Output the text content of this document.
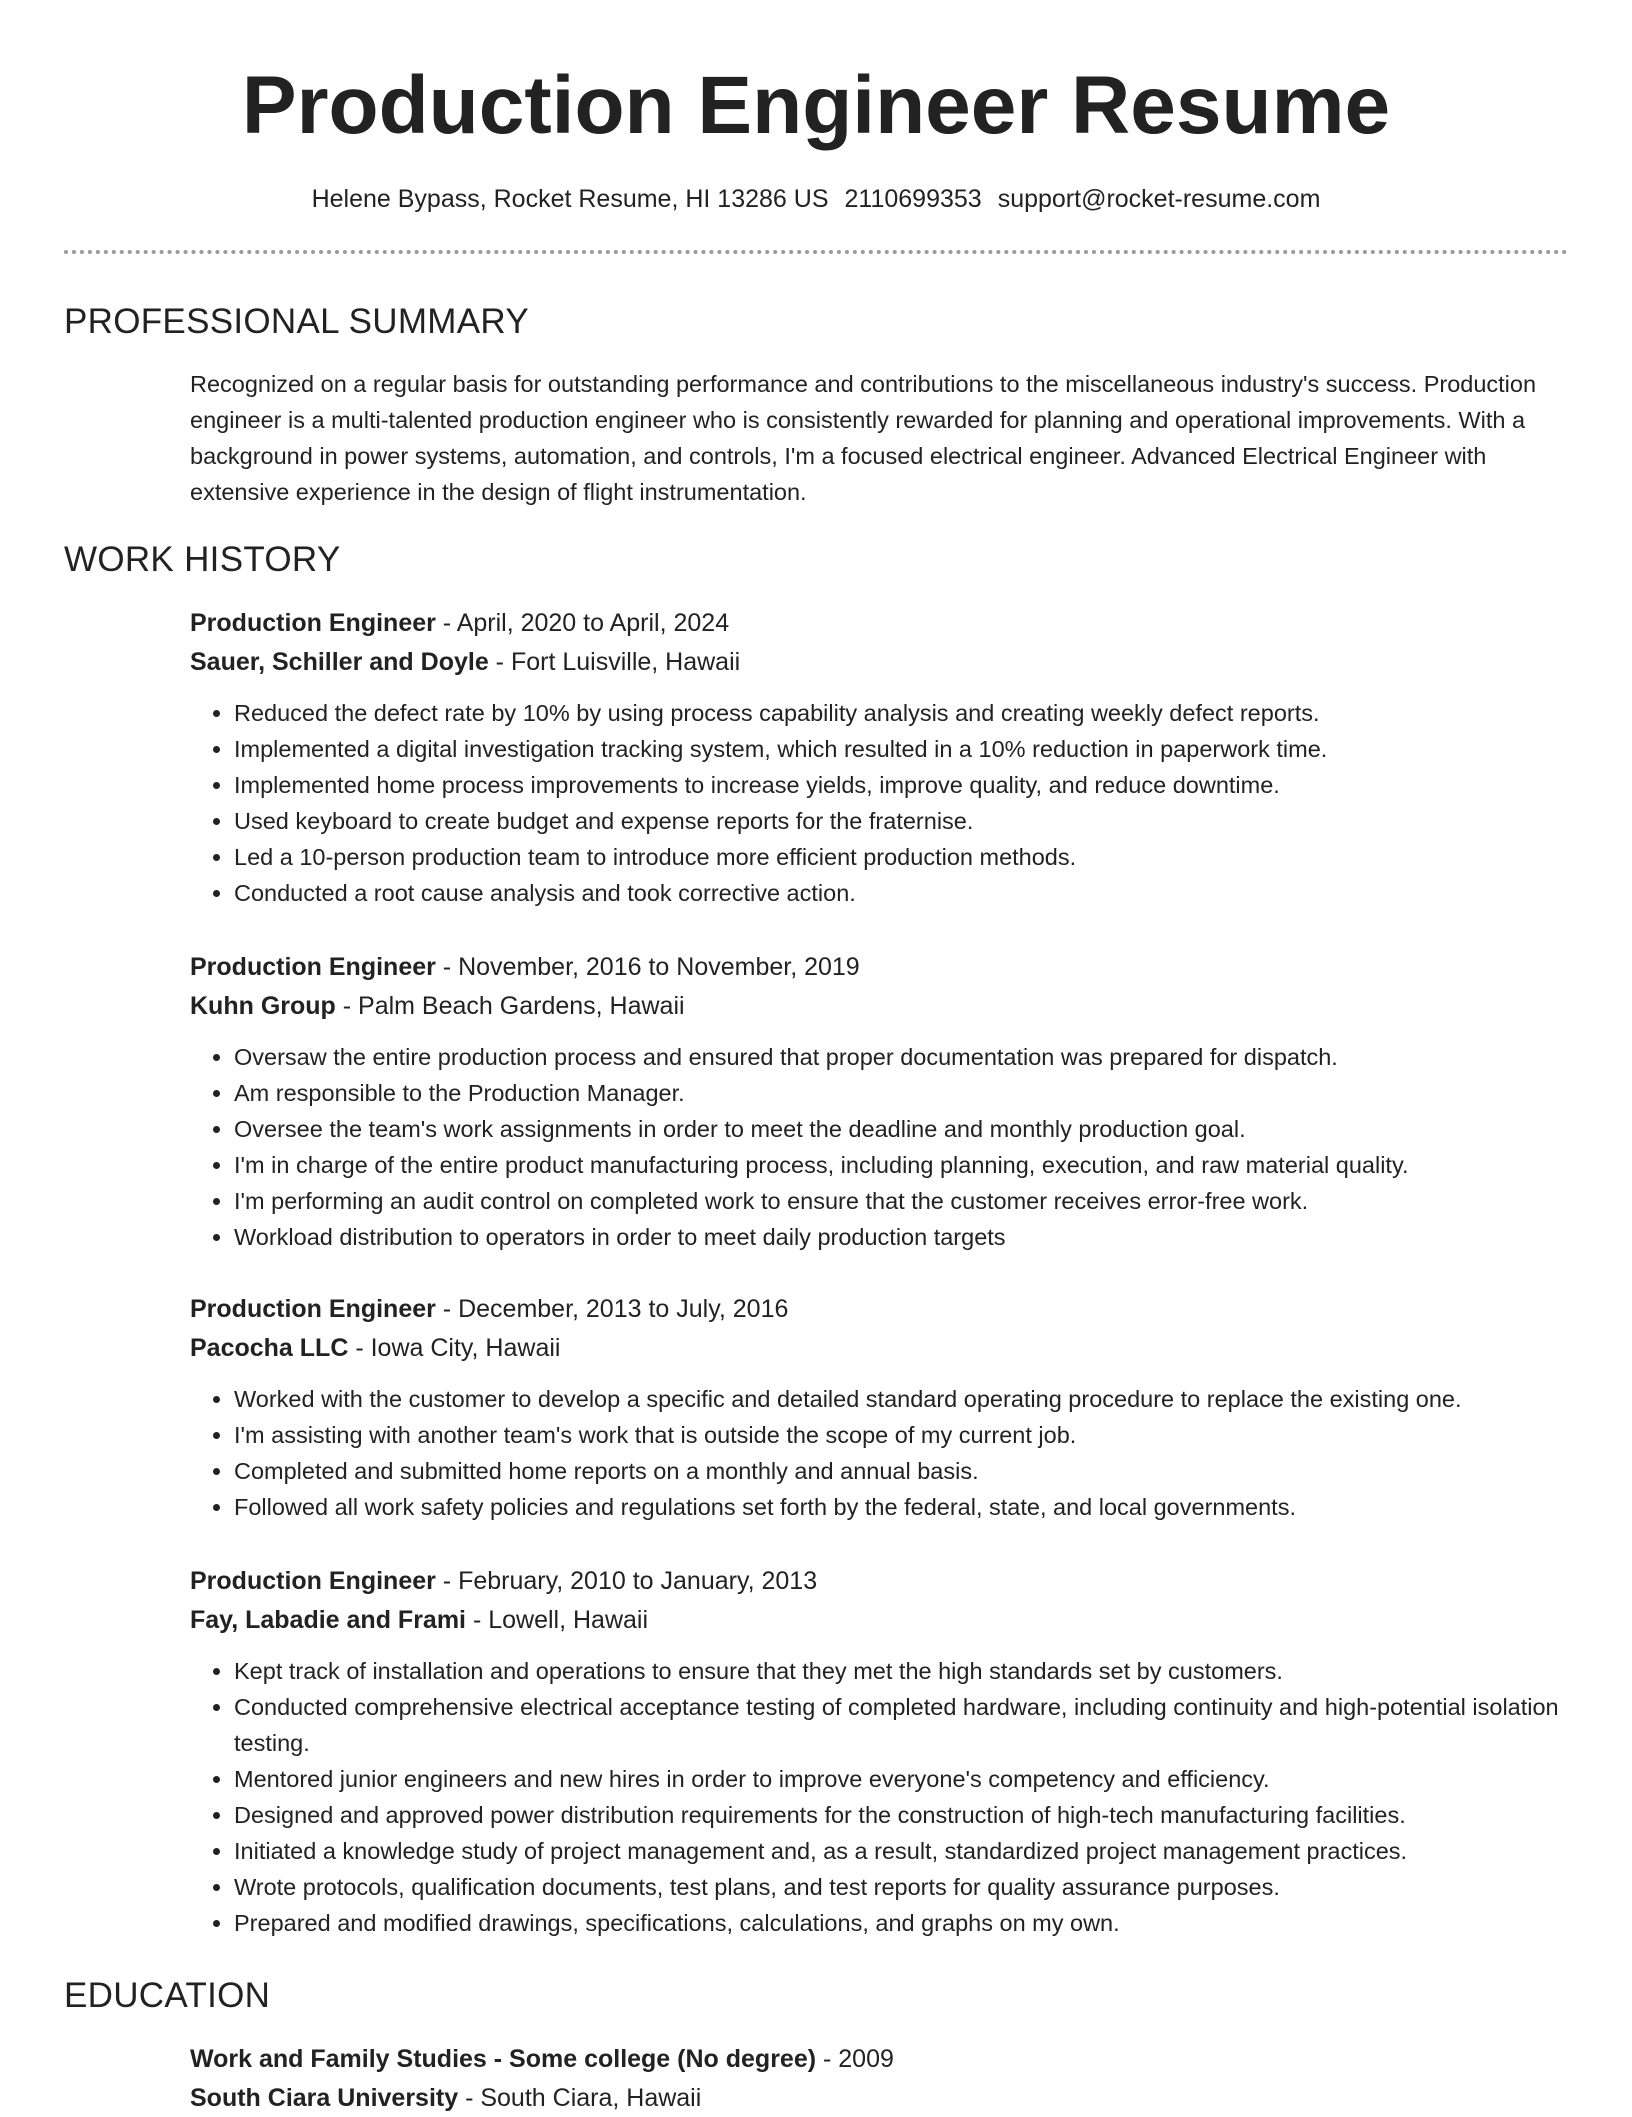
Production Engineer Resume
Helene Bypass, Rocket Resume, HI 13286 US 2110699353 support@rocket-resume.com
PROFESSIONAL SUMMARY

Recognized on a regular basis for outstanding performance and contributions to the miscellaneous industry's success. Production engineer is a multi-talented production engineer who is consistently rewarded for planning and operational improvements. With a background in power systems, automation, and controls, I'm a focused electrical engineer. Advanced Electrical Engineer with extensive experience in the design of flight instrumentation.

WORK HISTORY

Production Engineer - April, 2020 to April, 2024

Sauer, Schiller and Doyle - Fort Luisville, Hawaii

• Reduced the defect rate by 10% by using process capability analysis and creating weekly defect reports.
• Implemented a digital investigation tracking system, which resulted in a 10% reduction in paperwork time.
• Implemented home process improvements to increase yields, improve quality, and reduce downtime.
• Used keyboard to create budget and expense reports for the fraternise.
• Led a 10-person production team to introduce more efficient production methods.
• Conducted a root cause analysis and took corrective action.

Production Engineer - November, 2016 to November, 2019

Kuhn Group - Palm Beach Gardens, Hawaii

• Oversaw the entire production process and ensured that proper documentation was prepared for dispatch.
• Am responsible to the Production Manager.
• Oversee the team's work assignments in order to meet the deadline and monthly production goal.
• I'm in charge of the entire product manufacturing process, including planning, execution, and raw material quality.
• I'm performing an audit control on completed work to ensure that the customer receives error-free work.
• Workload distribution to operators in order to meet daily production targets

Production Engineer - December, 2013 to July, 2016

Pacocha LLC - Iowa City, Hawaii

• Worked with the customer to develop a specific and detailed standard operating procedure to replace the existing one.
• I'm assisting with another team's work that is outside the scope of my current job.
• Completed and submitted home reports on a monthly and annual basis.
• Followed all work safety policies and regulations set forth by the federal, state, and local governments.

Production Engineer - February, 2010 to January, 2013

Fay, Labadie and Frami - Lowell, Hawaii

• Kept track of installation and operations to ensure that they met the high standards set by customers.
• Conducted comprehensive electrical acceptance testing of completed hardware, including continuity and high-potential isolation testing.
• Mentored junior engineers and new hires in order to improve everyone's competency and efficiency.
• Designed and approved power distribution requirements for the construction of high-tech manufacturing facilities.
• Initiated a knowledge study of project management and, as a result, standardized project management practices.
• Wrote protocols, qualification documents, test plans, and test reports for quality assurance purposes.
• Prepared and modified drawings, specifications, calculations, and graphs on my own.
EDUCATION

Work and Family Studies - Some college (No degree) - 2009

South Ciara University - South Ciara, Hawaii
